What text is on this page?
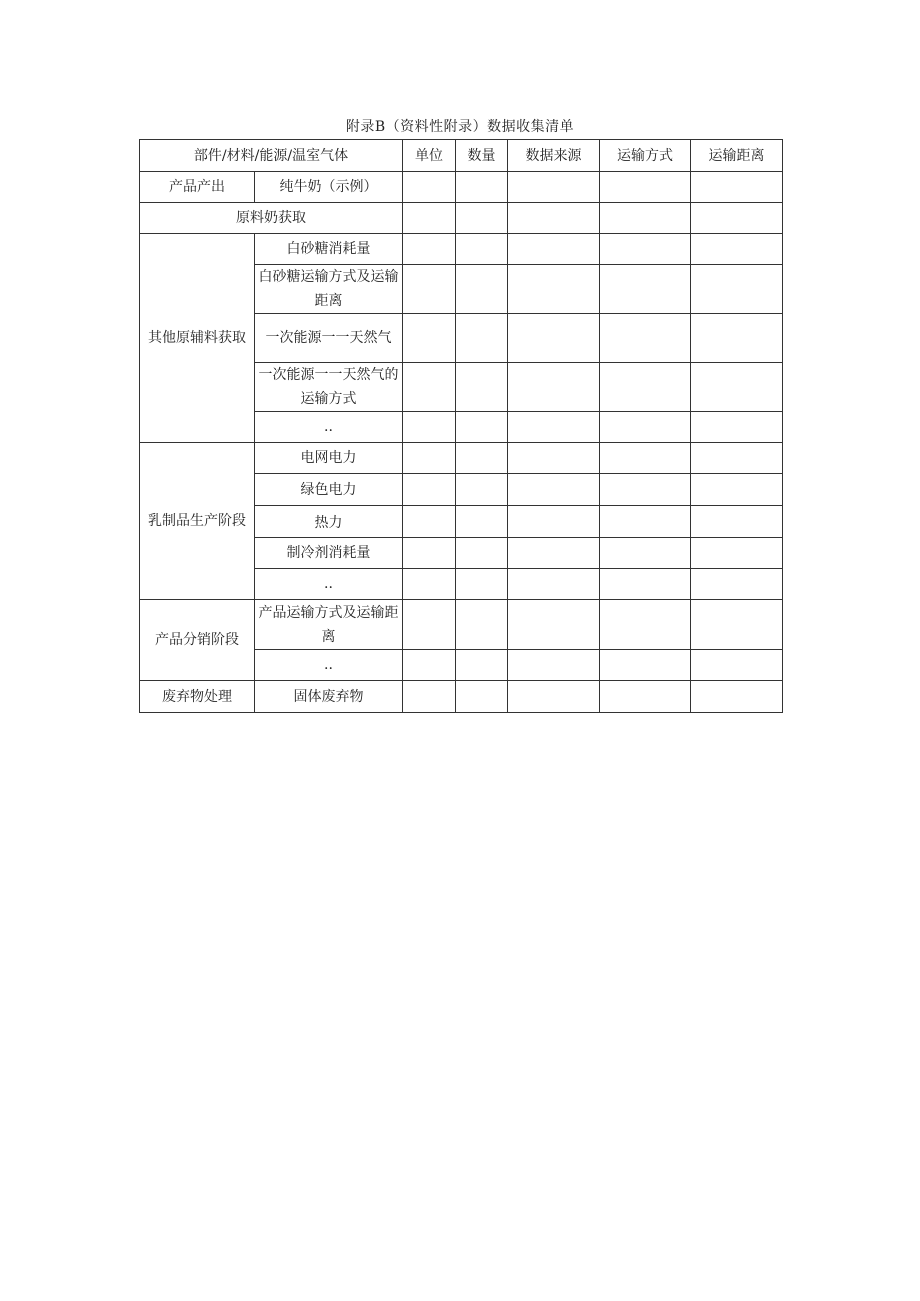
附录B（资料性附录）数据收集清单
部件/材料/能源/温室气体		单位	数量	数据来源	运输方式	运输距离
产品产出	纯牛奶（示例）					
原料奶获取						
其他原辅料获取	白砂糖消耗量					
	白砂糖运输方式及运输距离					
	一次能源一一天然气					
	一次能源一一天然气的运输方式					
	..					
乳制品生产阶段	电网电力					
	绿色电力					
	热力					
	制冷剂消耗量					
	..					
产品分销阶段	产品运输方式及运输距离					
	..					
废弃物处理	固体废弃物					
